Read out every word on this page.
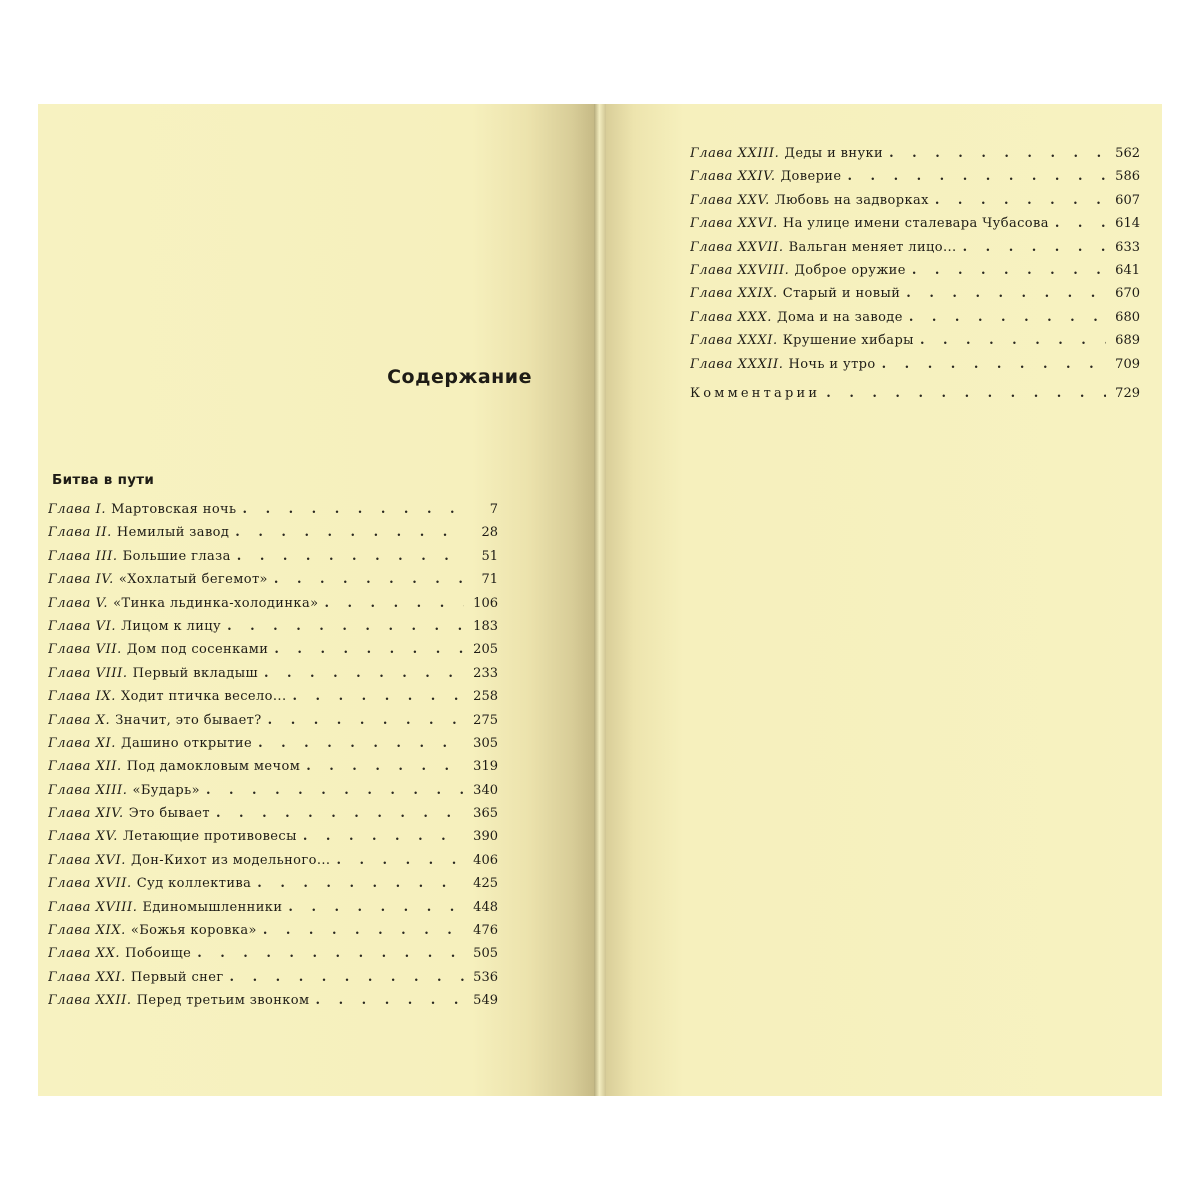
Содержание
Битва в пути
Глава I. Мартовская ночь . . .	7
Глава II. Немилый завод . . .	28
Глава III. Большие глаза . . .	51
Глава IV. «Хохлатый бегемот» . . .	71
Глава V. «Тинка льдинка-холодинка» . . .	106
Глава VI. Лицом к лицу . . .	183
Глава VII. Дом под сосенками . . .	205
Глава VIII. Первый вкладыш . . .	233
Глава IX. Ходит птичка весело... . . .	258
Глава X. Значит, это бывает? . . .	275
Глава XI. Дашино открытие . . .	305
Глава XII. Под дамокловым мечом . . .	319
Глава XIII. «Бударь» . . .	340
Глава XIV. Это бывает . . .	365
Глава XV. Летающие противовесы . . .	390
Глава XVI. Дон-Кихот из модельного... . . .	406
Глава XVII. Суд коллектива . . .	425
Глава XVIII. Единомышленники . . .	448
Глава XIX. «Божья коровка» . . .	476
Глава XX. Побоище . . .	505
Глава XXI. Первый снег . . .	536
Глава XXII. Перед третьим звонком . . .	549
Глава XXIII. Деды и внуки . . .	562
Глава XXIV. Доверие . . .	586
Глава XXV. Любовь на задворках . . .	607
Глава XXVI. На улице имени сталевара Чубасова . . .	614
Глава XXVII. Вальган меняет лицо... . . .	633
Глава XXVIII. Доброе оружие . . .	641
Глава XXIX. Старый и новый . . .	670
Глава XXX. Дома и на заводе . . .	680
Глава XXXI. Крушение хибары . . .	689
Глава XXXII. Ночь и утро . . .	709
Комментарии . . .	729
